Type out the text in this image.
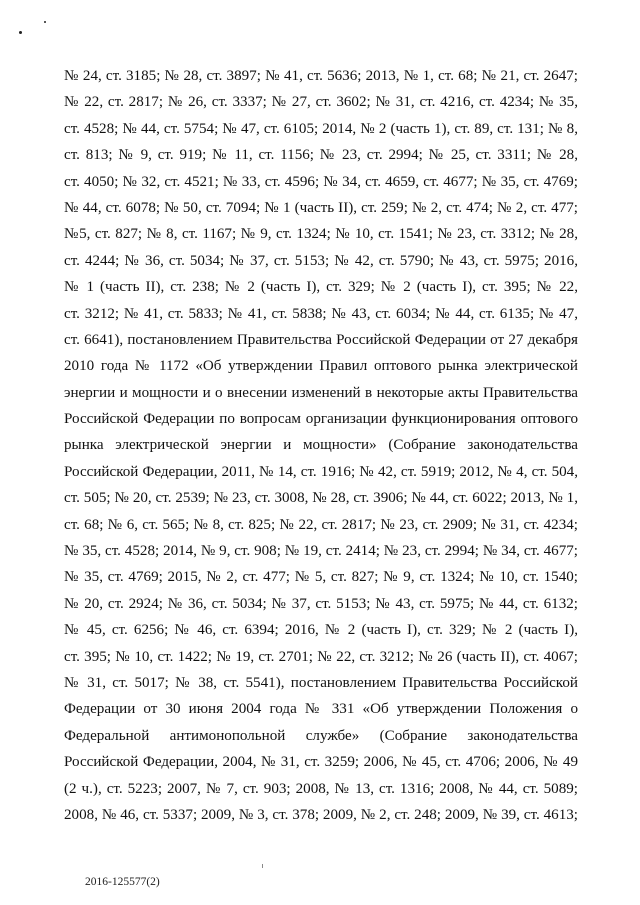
№ 24, ст. 3185; № 28, ст. 3897; № 41, ст. 5636; 2013, № 1, ст. 68; № 21, ст. 2647;
№ 22, ст. 2817; № 26, ст. 3337; № 27, ст. 3602; № 31, ст. 4216, ст. 4234; № 35,
ст. 4528; № 44, ст. 5754; № 47, ст. 6105; 2014, № 2 (часть 1), ст. 89, ст. 131; № 8,
ст. 813; № 9, ст. 919; № 11, ст. 1156; № 23, ст. 2994; № 25, ст. 3311; № 28,
ст. 4050; № 32, ст. 4521; № 33, ст. 4596; № 34, ст. 4659, ст. 4677; № 35, ст. 4769;
№ 44, ст. 6078; № 50, ст. 7094; № 1 (часть II), ст. 259; № 2, ст. 474; № 2, ст. 477;
№5, ст. 827; № 8, ст. 1167; № 9, ст. 1324; № 10, ст. 1541; № 23, ст. 3312; № 28,
ст. 4244; № 36, ст. 5034; № 37, ст. 5153; № 42, ст. 5790; № 43, ст. 5975; 2016,
№ 1 (часть II), ст. 238; № 2 (часть I), ст. 329; № 2 (часть I), ст. 395; № 22,
ст. 3212; № 41, ст. 5833; № 41, ст. 5838; № 43, ст. 6034; № 44, ст. 6135; № 47,
ст. 6641), постановлением Правительства Российской Федерации от 27 декабря
2010 года № 1172 «Об утверждении Правил оптового рынка электрической
энергии и мощности и о внесении изменений в некоторые акты Правительства
Российской Федерации по вопросам организации функционирования оптового
рынка электрической энергии и мощности» (Собрание законодательства
Российской Федерации, 2011, № 14, ст. 1916; № 42, ст. 5919; 2012, № 4, ст. 504,
ст. 505; № 20, ст. 2539; № 23, ст. 3008, № 28, ст. 3906; № 44, ст. 6022; 2013, № 1,
ст. 68; № 6, ст. 565; № 8, ст. 825; № 22, ст. 2817; № 23, ст. 2909; № 31, ст. 4234;
№ 35, ст. 4528; 2014, № 9, ст. 908; № 19, ст. 2414; № 23, ст. 2994; № 34, ст. 4677;
№ 35, ст. 4769; 2015, № 2, ст. 477; № 5, ст. 827; № 9, ст. 1324; № 10, ст. 1540;
№ 20, ст. 2924; № 36, ст. 5034; № 37, ст. 5153; № 43, ст. 5975; № 44, ст. 6132;
№ 45, ст. 6256; № 46, ст. 6394; 2016, № 2 (часть I), ст. 329; № 2 (часть I),
ст. 395; № 10, ст. 1422; № 19, ст. 2701; № 22, ст. 3212; № 26 (часть II), ст. 4067;
№ 31, ст. 5017; № 38, ст. 5541), постановлением Правительства Российской
Федерации от 30 июня 2004 года № 331 «Об утверждении Положения о
Федеральной антимонопольной службе» (Собрание законодательства
Российской Федерации, 2004, № 31, ст. 3259; 2006, № 45, ст. 4706; 2006, № 49
(2 ч.), ст. 5223; 2007, № 7, ст. 903; 2008, № 13, ст. 1316; 2008, № 44, ст. 5089;
2008, № 46, ст. 5337; 2009, № 3, ст. 378; 2009, № 2, ст. 248; 2009, № 39, ст. 4613;
2016-125577(2)
